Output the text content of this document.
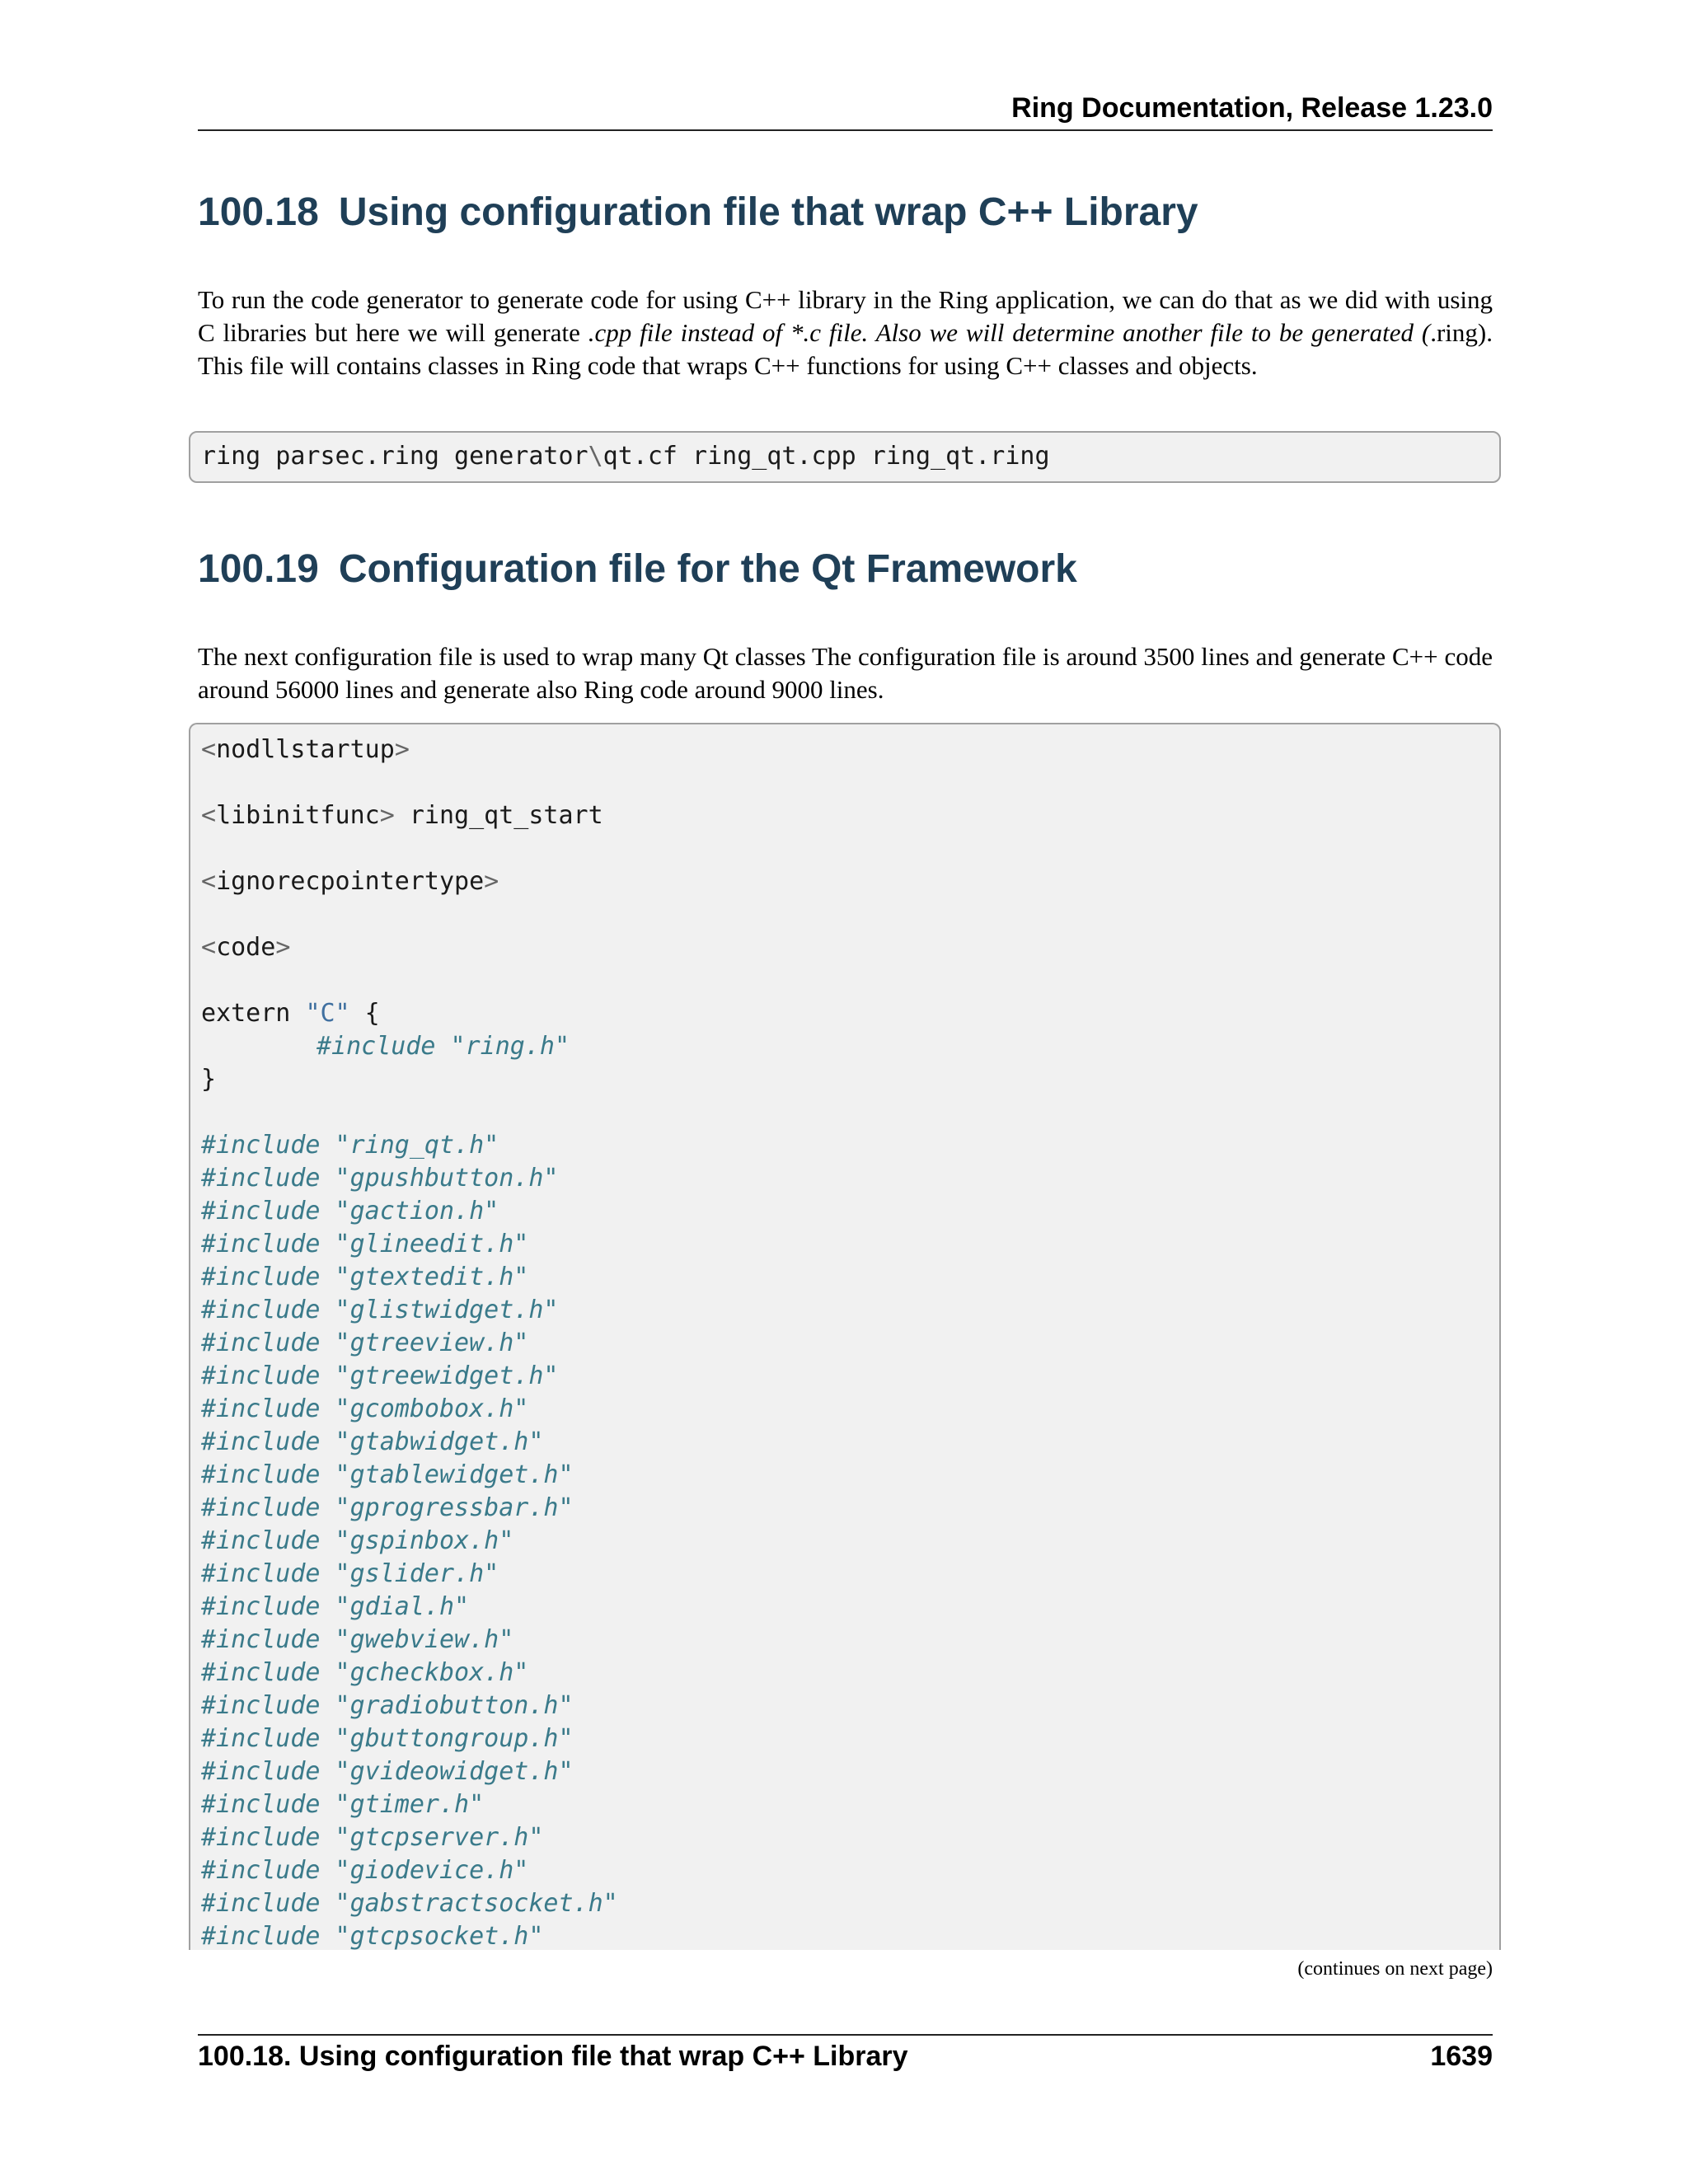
Ring Documentation, Release 1.23.0
100.18 Using configuration file that wrap C++ Library

To run the code generator to generate code for using C++ library in the Ring application, we can do that as we did with using C libraries but here we will generate .cpp file instead of *.c file. Also we will determine another file to be generated (.ring). This file will contains classes in Ring code that wraps C++ functions for using C++ classes and objects.

ring parsec.ring generator\qt.cf ring_qt.cpp ring_qt.ring
100.19 Configuration file for the Qt Framework

The next configuration file is used to wrap many Qt classes The configuration file is around 3500 lines and generate C++ code around 56000 lines and generate also Ring code around 9000 lines.

<nodllstartup>
<libinitfunc> ring_qt_start
<ignorecpointertype>
<code>
extern "C" {
#include "ring.h"
}
#include "ring_qt.h"
#include "gpushbutton.h"
#include "gaction.h"
#include "glineedit.h"
#include "gtextedit.h"
#include "glistwidget.h"
#include "gtreeview.h"
#include "gtreewidget.h"
#include "gcombobox.h"
#include "gtabwidget.h"
#include "gtablewidget.h"
#include "gprogressbar.h"
#include "gspinbox.h"
#include "gslider.h"
#include "gdial.h"
#include "gwebview.h"
#include "gcheckbox.h"
#include "gradiobutton.h"
#include "gbuttongroup.h"
#include "gvideowidget.h"
#include "gtimer.h"
#include "gtcpserver.h"
#include "giodevice.h"
#include "gabstractsocket.h"
#include "gtcpsocket.h"
(continues on next page)
100.18. Using configuration file that wrap C++ Library	1639
